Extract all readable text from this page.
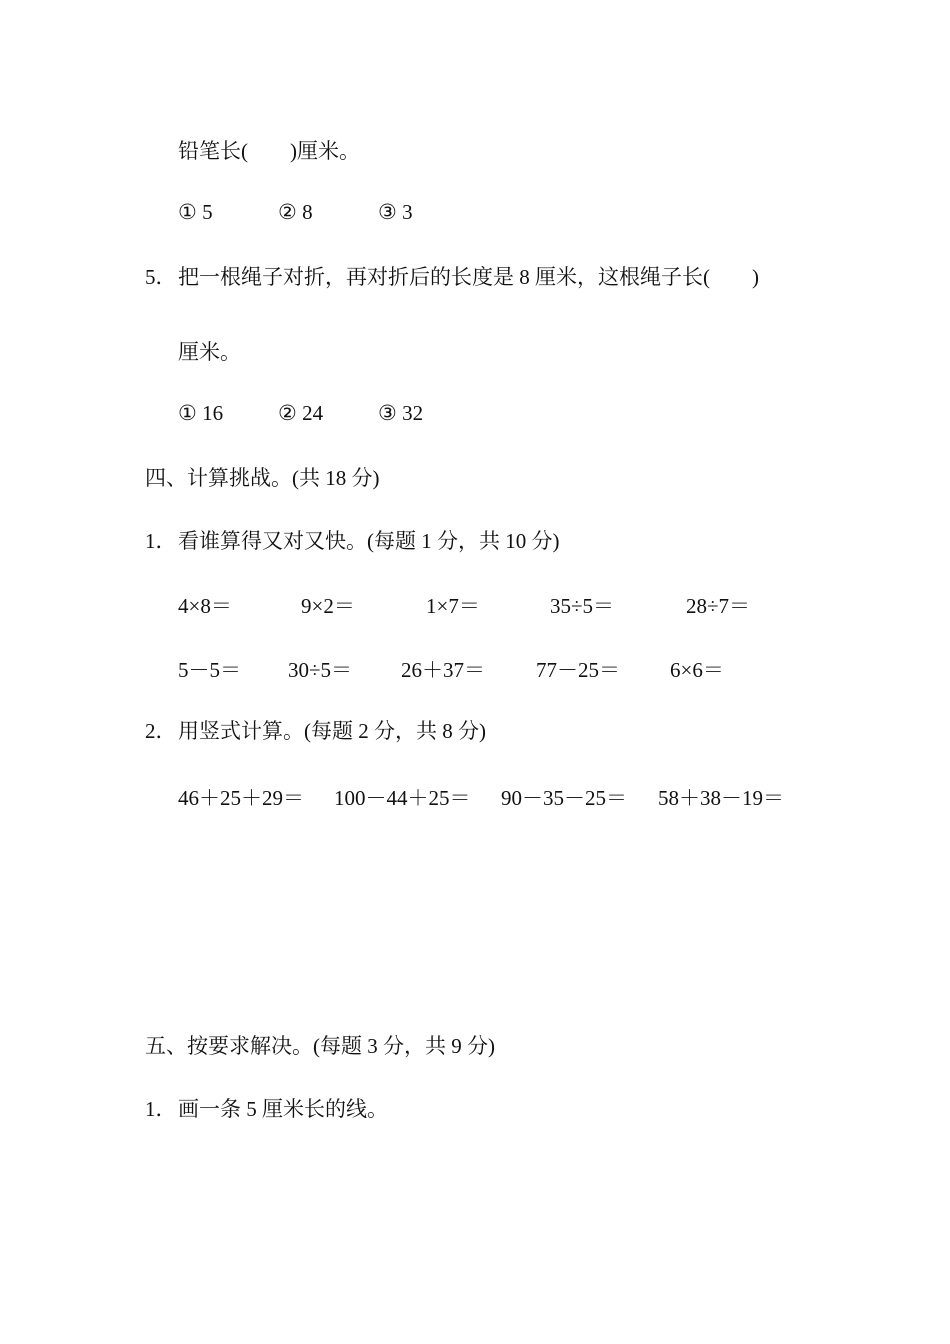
铅笔长(　　)厘米。
① 5	② 8	③ 3
5．把一根绳子对折，再对折后的长度是 8 厘米，这根绳子长(　　)
厘米。
① 16	② 24	③ 32
四、计算挑战。(共 18 分)
1．看谁算得又对又快。(每题 1 分，共 10 分)
4×8＝	9×2＝	1×7＝	35÷5＝	28÷7＝
5－5＝ 30÷5＝ 26＋37＝ 77－25＝ 6×6＝
2．用竖式计算。(每题 2 分，共 8 分)
46＋25＋29＝ 100－44＋25＝ 90－35－25＝ 58＋38－19＝
五、按要求解决。(每题 3 分，共 9 分)
1．画一条 5 厘米长的线。
